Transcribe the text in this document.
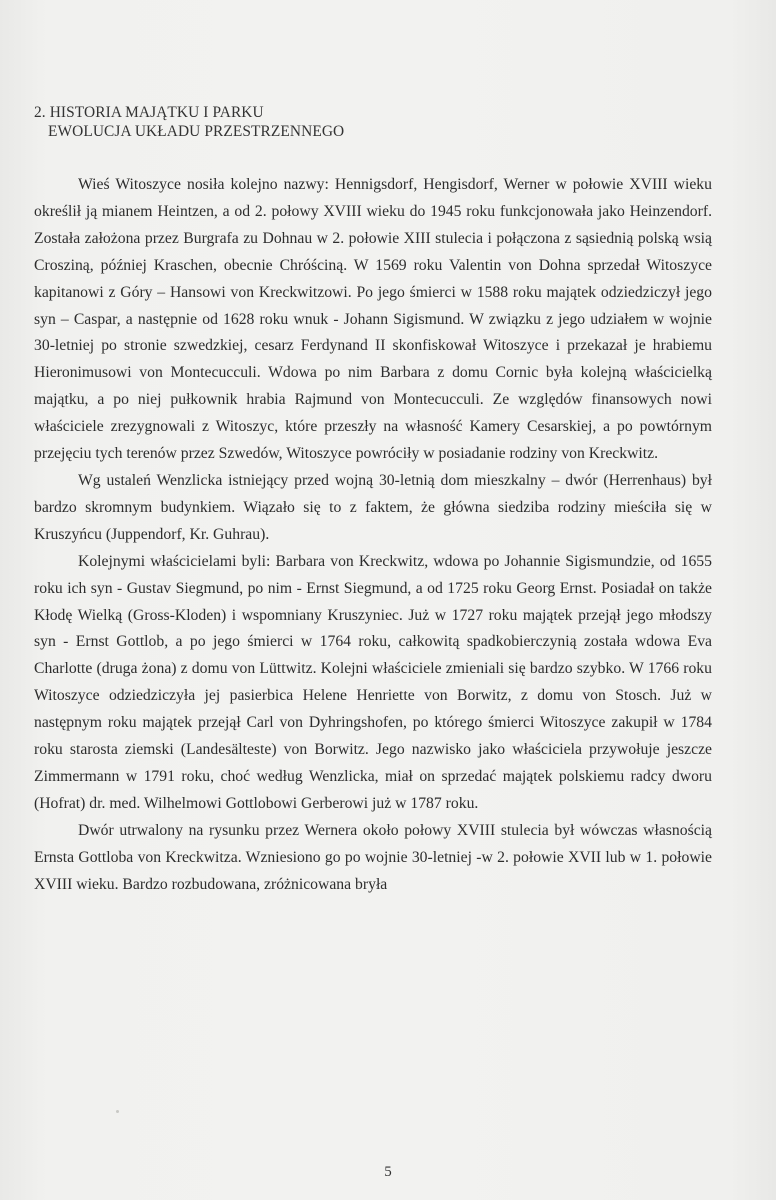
2. HISTORIA MAJĄTKU I PARKU
EWOLUCJA UKŁADU PRZESTRZENNEGO

Wieś Witoszyce nosiła kolejno nazwy: Hennigsdorf, Hengisdorf, Werner w połowie XVIII wieku określił ją mianem Heintzen, a od 2. połowy XVIII wieku do 1945 roku funkcjonowała jako Heinzendorf. Została założona przez Burgrafa zu Dohnau w 2. połowie XIII stulecia i połączona z sąsiednią polską wsią Crosziną, później Kraschen, obecnie Chróściną. W 1569 roku Valentin von Dohna sprzedał Witoszyce kapitanowi z Góry – Hansowi von Kreckwitzowi. Po jego śmierci w 1588 roku majątek odziedziczył jego syn – Caspar, a następnie od 1628 roku wnuk - Johann Sigismund. W związku z jego udziałem w wojnie 30-letniej po stronie szwedzkiej, cesarz Ferdynand II skonfiskował Witoszyce i przekazał je hrabiemu Hieronimusowi von Montecucculi. Wdowa po nim Barbara z domu Cornic była kolejną właścicielką majątku, a po niej pułkownik hrabia Rajmund von Montecucculi. Ze względów finansowych nowi właściciele zrezygnowali z Witoszyc, które przeszły na własność Kamery Cesarskiej, a po powtórnym przejęciu tych terenów przez Szwedów, Witoszyce powróciły w posiadanie rodziny von Kreckwitz.

Wg ustaleń Wenzlicka istniejący przed wojną 30-letnią dom mieszkalny – dwór (Herrenhaus) był bardzo skromnym budynkiem. Wiązało się to z faktem, że główna siedziba rodziny mieściła się w Kruszyńcu (Juppendorf, Kr. Guhrau).

Kolejnymi właścicielami byli: Barbara von Kreckwitz, wdowa po Johannie Sigismundzie, od 1655 roku ich syn - Gustav Siegmund, po nim - Ernst Siegmund, a od 1725 roku Georg Ernst. Posiadał on także Kłodę Wielką (Gross-Kloden) i wspomniany Kruszyniec. Już w 1727 roku majątek przejął jego młodszy syn - Ernst Gottlob, a po jego śmierci w 1764 roku, całkowitą spadkobierczynią została wdowa Eva Charlotte (druga żona) z domu von Lüttwitz. Kolejni właściciele zmieniali się bardzo szybko. W 1766 roku Witoszyce odziedziczyła jej pasierbica Helene Henriette von Borwitz, z domu von Stosch. Już w następnym roku majątek przejął Carl von Dyhringshofen, po którego śmierci Witoszyce zakupił w 1784 roku starosta ziemski (Landesälteste) von Borwitz. Jego nazwisko jako właściciela przywołuje jeszcze Zimmermann w 1791 roku, choć według Wenzlicka, miał on sprzedać majątek polskiemu radcy dworu (Hofrat) dr. med. Wilhelmowi Gottlobowi Gerberowi już w 1787 roku.

Dwór utrwalony na rysunku przez Wernera około połowy XVIII stulecia był wówczas własnością Ernsta Gottloba von Kreckwitza. Wzniesiono go po wojnie 30-letniej -w 2. połowie XVII lub w 1. połowie XVIII wieku. Bardzo rozbudowana, zróżnicowana bryła

5
